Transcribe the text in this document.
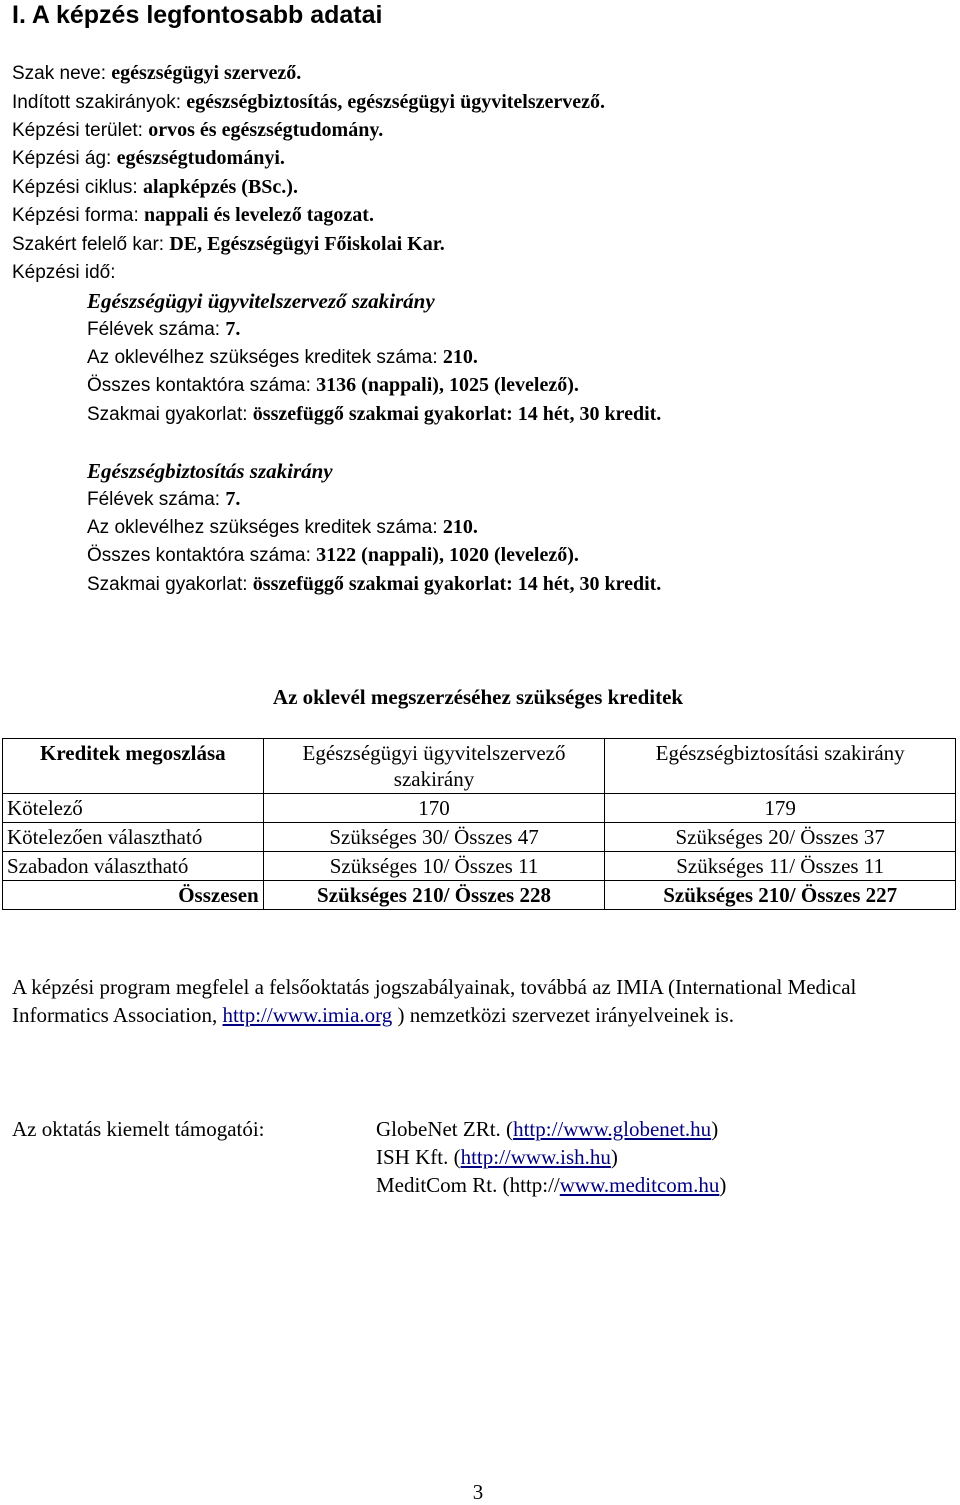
I. A képzés legfontosabb adatai
Szak neve: egészségügyi szervező.
Indított szakirányok: egészségbiztosítás, egészségügyi ügyvitelszervező.
Képzési terület: orvos és egészségtudomány.
Képzési ág: egészségtudományi.
Képzési ciklus: alapképzés (BSc.).
Képzési forma: nappali és levelező tagozat.
Szakért felelő kar: DE, Egészségügyi Főiskolai Kar.
Képzési idő:
Egészségügyi ügyvitelszervező szakirány
Félévek száma: 7.
Az oklevélhez szükséges kreditek száma: 210.
Összes kontaktóra száma: 3136 (nappali), 1025 (levelező).
Szakmai gyakorlat: összefüggő szakmai gyakorlat: 14 hét, 30 kredit.
Egészségbiztosítás szakirány
Félévek száma: 7.
Az oklevélhez szükséges kreditek száma: 210.
Összes kontaktóra száma: 3122 (nappali), 1020 (levelező).
Szakmai gyakorlat: összefüggő szakmai gyakorlat: 14 hét, 30 kredit.
Az oklevél megszerzéséhez szükséges kreditek
Kreditek megoszlása	Egészségügyi ügyvitelszervező szakirány	Egészségbiztosítási szakirány
Kötelező	170	179
Kötelezően választható	Szükséges 30/ Összes 47	Szükséges 20/ Összes 37
Szabadon választható	Szükséges 10/ Összes 11	Szükséges 11/ Összes 11
Összesen	Szükséges 210/ Összes 228	Szükséges 210/ Összes 227
A képzési program megfelel a felsőoktatás jogszabályainak, továbbá az IMIA (International Medical Informatics Association, http://www.imia.org ) nemzetközi szervezet irányelveinek is.
Az oktatás kiemelt támogatói:	GlobeNet ZRt. (http://www.globenet.hu)
ISH Kft. (http://www.ish.hu)
MeditCom Rt. (http://www.meditcom.hu)
3
